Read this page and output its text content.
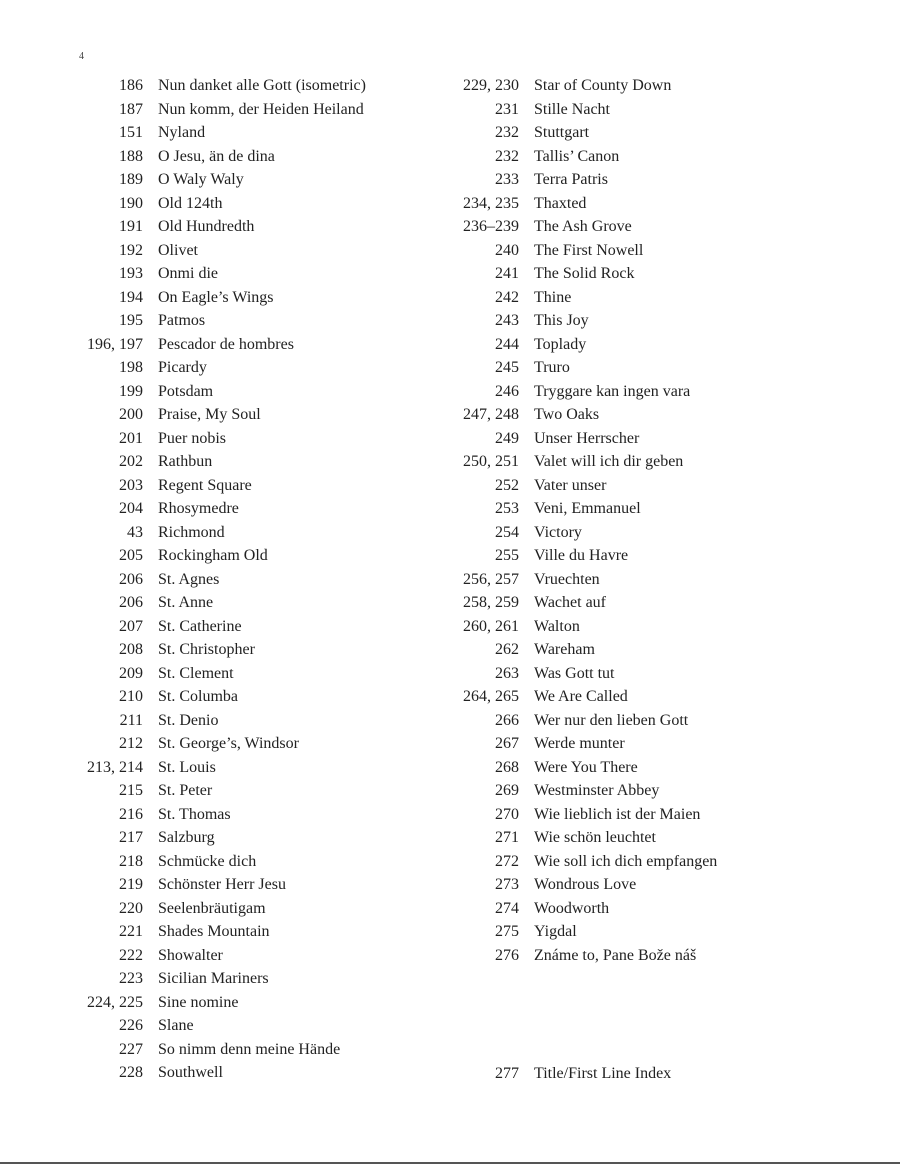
4
186 Nun danket alle Gott (isometric)
187 Nun komm, der Heiden Heiland
151 Nyland
188 O Jesu, än de dina
189 O Waly Waly
190 Old 124th
191 Old Hundredth
192 Olivet
193 Onmi die
194 On Eagle’s Wings
195 Patmos
196, 197 Pescador de hombres
198 Picardy
199 Potsdam
200 Praise, My Soul
201 Puer nobis
202 Rathbun
203 Regent Square
204 Rhosymedre
43 Richmond
205 Rockingham Old
206 St. Agnes
206 St. Anne
207 St. Catherine
208 St. Christopher
209 St. Clement
210 St. Columba
211 St. Denio
212 St. George’s, Windsor
213, 214 St. Louis
215 St. Peter
216 St. Thomas
217 Salzburg
218 Schmücke dich
219 Schönster Herr Jesu
220 Seelenbräutigam
221 Shades Mountain
222 Showalter
223 Sicilian Mariners
224, 225 Sine nomine
226 Slane
227 So nimm denn meine Hände
228 Southwell
229, 230 Star of County Down
231 Stille Nacht
232 Stuttgart
232 Tallis’ Canon
233 Terra Patris
234, 235 Thaxted
236–239 The Ash Grove
240 The First Nowell
241 The Solid Rock
242 Thine
243 This Joy
244 Toplady
245 Truro
246 Tryggare kan ingen vara
247, 248 Two Oaks
249 Unser Herrscher
250, 251 Valet will ich dir geben
252 Vater unser
253 Veni, Emmanuel
254 Victory
255 Ville du Havre
256, 257 Vruechten
258, 259 Wachet auf
260, 261 Walton
262 Wareham
263 Was Gott tut
264, 265 We Are Called
266 Wer nur den lieben Gott
267 Werde munter
268 Were You There
269 Westminster Abbey
270 Wie lieblich ist der Maien
271 Wie schön leuchtet
272 Wie soll ich dich empfangen
273 Wondrous Love
274 Woodworth
275 Yigdal
276 Známe to, Pane Bože náš
277 Title/First Line Index
